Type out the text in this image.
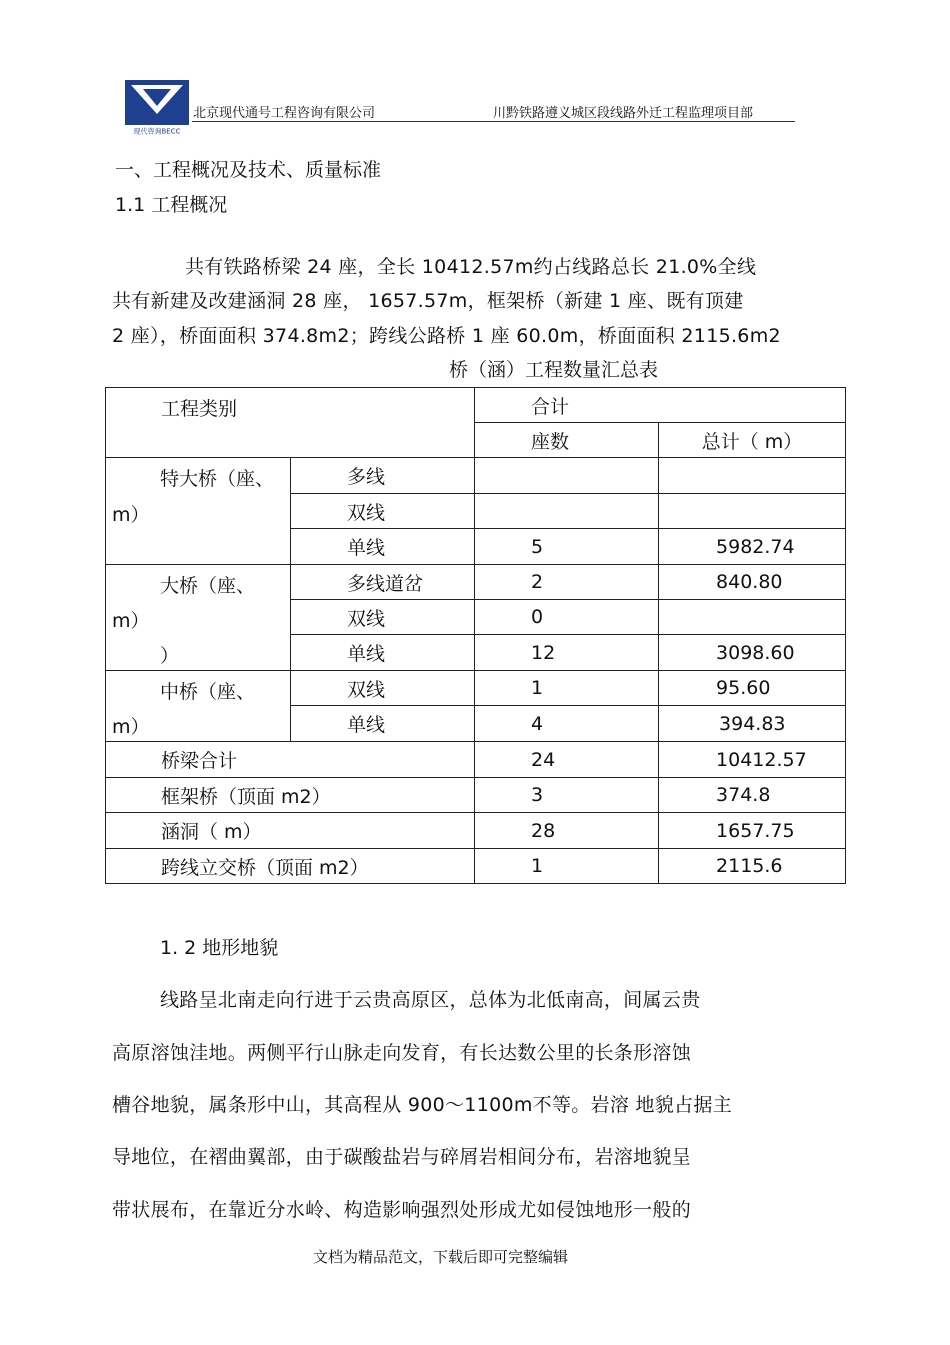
现代咨询BECC
北京现代通号工程咨询有限公司	川黔铁路遵义城区段线路外迁工程监理项目部
一、工程概况及技术、质量标准
1.1 工程概况
共有铁路桥梁 24 座，全长 10412.57m约占线路总长 21.0%全线
共有新建及改建涵洞 28 座， 1657.57m，框架桥（新建 1 座、既有顶建
2 座），桥面面积 374.8m2；跨线公路桥 1 座 60.0m，桥面面积 2115.6m2
桥（涵）工程数量汇总表
工程类别		合计	
		座数	总计（ m）

特大桥（座、
m）	多线		
	双线		
	单线	5	5982.74

大桥（座、
m）
）	多线道岔	2	840.80
	双线	0	
	单线	12	3098.60

中桥（座、
m）	双线	1	95.60
	单线	4	394.83
桥梁合计		24	10412.57
框架桥（顶面 m2）		3	374.8
涵洞（ m）		28	1657.75
跨线立交桥（顶面 m2）		1	2115.6
1. 2 地形地貌
线路呈北南走向行进于云贵高原区，总体为北低南高，间属云贵
高原溶蚀洼地。两侧平行山脉走向发育，有长达数公里的长条形溶蚀
槽谷地貌，属条形中山，其高程从 900～1100m不等。岩溶 地貌占据主
导地位，在褶曲翼部，由于碳酸盐岩与碎屑岩相间分布，岩溶地貌呈
带状展布，在靠近分水岭、构造影响强烈处形成尤如侵蚀地形一般的
文档为精品范文，下载后即可完整编辑
